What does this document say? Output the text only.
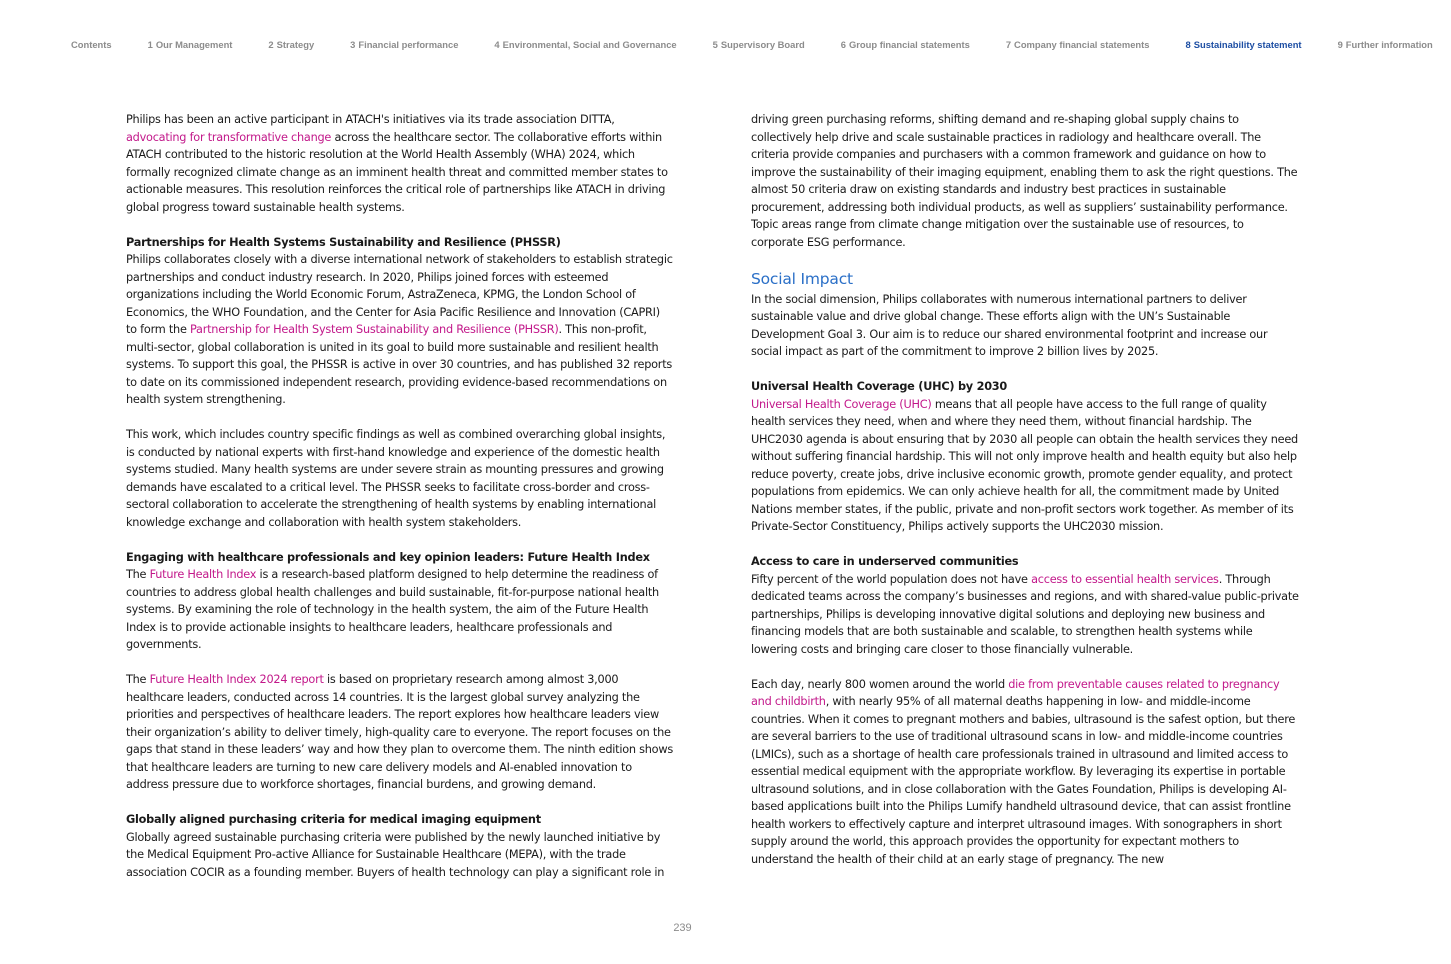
Contents	1 Our Management	2 Strategy	3 Financial performance	4 Environmental, Social and Governance	5 Supervisory Board	6 Group financial statements	7 Company financial statements	8 Sustainability statement	9 Further information

Philips has been an active participant in ATACH's initiatives via its trade association DITTA, advocating for transformative change across the healthcare sector. The collaborative efforts within ATACH contributed to the historic resolution at the World Health Assembly (WHA) 2024, which formally recognized climate change as an imminent health threat and committed member states to actionable measures. This resolution reinforces the critical role of partnerships like ATACH in driving global progress toward sustainable health systems.

Partnerships for Health Systems Sustainability and Resilience (PHSSR)

Philips collaborates closely with a diverse international network of stakeholders to establish strategic partnerships and conduct industry research. In 2020, Philips joined forces with esteemed organizations including the World Economic Forum, AstraZeneca, KPMG, the London School of Economics, the WHO Foundation, and the Center for Asia Pacific Resilience and Innovation (CAPRI) to form the Partnership for Health System Sustainability and Resilience (PHSSR). This non-profit, multi-sector, global collaboration is united in its goal to build more sustainable and resilient health systems. To support this goal, the PHSSR is active in over 30 countries, and has published 32 reports to date on its commissioned independent research, providing evidence-based recommendations on health system strengthening.

This work, which includes country specific findings as well as combined overarching global insights, is conducted by national experts with first-hand knowledge and experience of the domestic health systems studied. Many health systems are under severe strain as mounting pressures and growing demands have escalated to a critical level. The PHSSR seeks to facilitate cross-border and cross-sectoral collaboration to accelerate the strengthening of health systems by enabling international knowledge exchange and collaboration with health system stakeholders.

Engaging with healthcare professionals and key opinion leaders: Future Health Index

The Future Health Index is a research-based platform designed to help determine the readiness of countries to address global health challenges and build sustainable, fit-for-purpose national health systems. By examining the role of technology in the health system, the aim of the Future Health Index is to provide actionable insights to healthcare leaders, healthcare professionals and governments.

The Future Health Index 2024 report is based on proprietary research among almost 3,000 healthcare leaders, conducted across 14 countries. It is the largest global survey analyzing the priorities and perspectives of healthcare leaders. The report explores how healthcare leaders view their organization’s ability to deliver timely, high-quality care to everyone. The report focuses on the gaps that stand in these leaders’ way and how they plan to overcome them. The ninth edition shows that healthcare leaders are turning to new care delivery models and AI-enabled innovation to address pressure due to workforce shortages, financial burdens, and growing demand.

Globally aligned purchasing criteria for medical imaging equipment

Globally agreed sustainable purchasing criteria were published by the newly launched initiative by the Medical Equipment Pro-active Alliance for Sustainable Healthcare (MEPA), with the trade association COCIR as a founding member. Buyers of health technology can play a significant role in

driving green purchasing reforms, shifting demand and re-shaping global supply chains to collectively help drive and scale sustainable practices in radiology and healthcare overall. The criteria provide companies and purchasers with a common framework and guidance on how to improve the sustainability of their imaging equipment, enabling them to ask the right questions. The almost 50 criteria draw on existing standards and industry best practices in sustainable procurement, addressing both individual products, as well as suppliers’ sustainability performance. Topic areas range from climate change mitigation over the sustainable use of resources, to corporate ESG performance.

Social Impact

In the social dimension, Philips collaborates with numerous international partners to deliver sustainable value and drive global change. These efforts align with the UN’s Sustainable Development Goal 3. Our aim is to reduce our shared environmental footprint and increase our social impact as part of the commitment to improve 2 billion lives by 2025.

Universal Health Coverage (UHC) by 2030

Universal Health Coverage (UHC) means that all people have access to the full range of quality health services they need, when and where they need them, without financial hardship. The UHC2030 agenda is about ensuring that by 2030 all people can obtain the health services they need without suffering financial hardship. This will not only improve health and health equity but also help reduce poverty, create jobs, drive inclusive economic growth, promote gender equality, and protect populations from epidemics. We can only achieve health for all, the commitment made by United Nations member states, if the public, private and non-profit sectors work together. As member of its Private-Sector Constituency, Philips actively supports the UHC2030 mission.

Access to care in underserved communities

Fifty percent of the world population does not have access to essential health services. Through dedicated teams across the company’s businesses and regions, and with shared-value public-private partnerships, Philips is developing innovative digital solutions and deploying new business and financing models that are both sustainable and scalable, to strengthen health systems while lowering costs and bringing care closer to those financially vulnerable.

Each day, nearly 800 women around the world die from preventable causes related to pregnancy and childbirth, with nearly 95% of all maternal deaths happening in low- and middle-income countries. When it comes to pregnant mothers and babies, ultrasound is the safest option, but there are several barriers to the use of traditional ultrasound scans in low- and middle-income countries (LMICs), such as a shortage of health care professionals trained in ultrasound and limited access to essential medical equipment with the appropriate workflow. By leveraging its expertise in portable ultrasound solutions, and in close collaboration with the Gates Foundation, Philips is developing AI-based applications built into the Philips Lumify handheld ultrasound device, that can assist frontline health workers to effectively capture and interpret ultrasound images. With sonographers in short supply around the world, this approach provides the opportunity for expectant mothers to understand the health of their child at an early stage of pregnancy. The new

239
